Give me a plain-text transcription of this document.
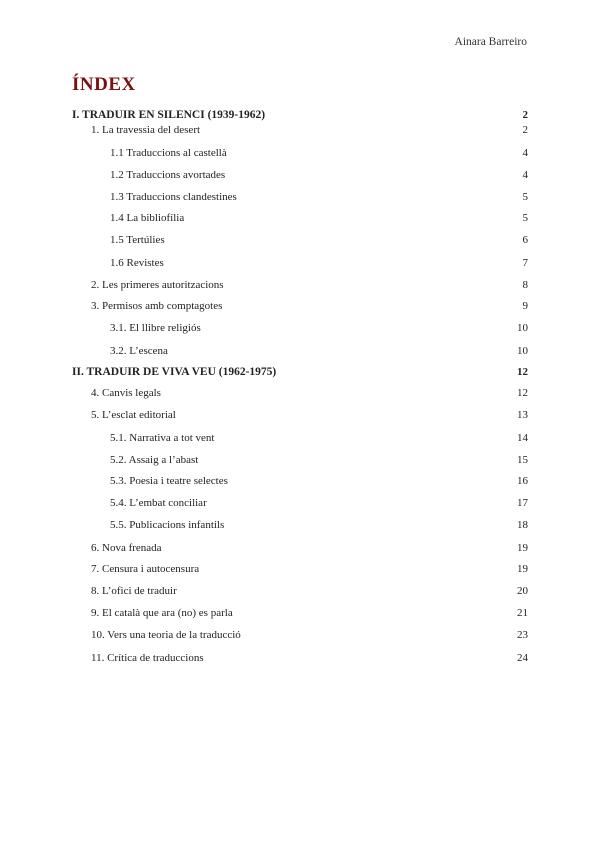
Ainara Barreiro
ÍNDEX
I. TRADUIR EN SILENCI (1939-1962)	2
1. La travessia del desert	2
1.1 Traduccions al castellà	4
1.2 Traduccions avortades	4
1.3 Traduccions clandestines	5
1.4 La bibliofília	5
1.5 Tertúlies	6
1.6 Revistes	7
2. Les primeres autoritzacions	8
3. Permisos amb comptagotes	9
3.1. El llibre religiós	10
3.2. L’escena	10
II. TRADUIR DE VIVA VEU (1962-1975)	12
4. Canvis legals	12
5. L’esclat editorial	13
5.1. Narrativa a tot vent	14
5.2. Assaig a l’abast	15
5.3. Poesia i teatre selectes	16
5.4. L’embat conciliar	17
5.5. Publicacions infantils	18
6. Nova frenada	19
7. Censura i autocensura	19
8. L’ofici de traduir	20
9. El català que ara (no) es parla	21
10. Vers una teoria de la traducció	23
11. Crítica de traduccions	24
